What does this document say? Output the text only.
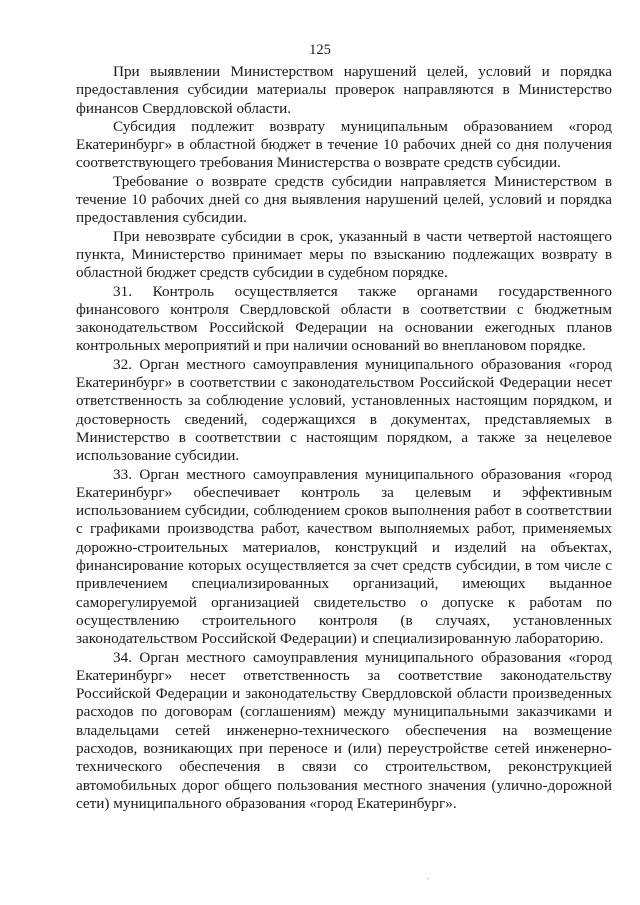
125

При выявлении Министерством нарушений целей, условий и порядка предоставления субсидии материалы проверок направляются в Министерство финансов Свердловской области.

Субсидия подлежит возврату муниципальным образованием «город Екатеринбург» в областной бюджет в течение 10 рабочих дней со дня получения соответствующего требования Министерства о возврате средств субсидии.

Требование о возврате средств субсидии направляется Министерством в течение 10 рабочих дней со дня выявления нарушений целей, условий и порядка предоставления субсидии.

При невозврате субсидии в срок, указанный в части четвертой настоящего пункта, Министерство принимает меры по взысканию подлежащих возврату в областной бюджет средств субсидии в судебном порядке.

31. Контроль осуществляется также органами государственного финансового контроля Свердловской области в соответствии с бюджетным законодательством Российской Федерации на основании ежегодных планов контрольных мероприятий и при наличии оснований во внеплановом порядке.

32. Орган местного самоуправления муниципального образования «город Екатеринбург» в соответствии с законодательством Российской Федерации несет ответственность за соблюдение условий, установленных настоящим порядком, и достоверность сведений, содержащихся в документах, представляемых в Министерство в соответствии с настоящим порядком, а также за нецелевое использование субсидии.

33. Орган местного самоуправления муниципального образования «город Екатеринбург» обеспечивает контроль за целевым и эффективным использованием субсидии, соблюдением сроков выполнения работ в соответствии с графиками производства работ, качеством выполняемых работ, применяемых дорожно-строительных материалов, конструкций и изделий на объектах, финансирование которых осуществляется за счет средств субсидии, в том числе с привлечением специализированных организаций, имеющих выданное саморегулируемой организацией свидетельство о допуске к работам по осуществлению строительного контроля (в случаях, установленных законодательством Российской Федерации) и специализированную лабораторию.

34. Орган местного самоуправления муниципального образования «город Екатеринбург» несет ответственность за соответствие законодательству Российской Федерации и законодательству Свердловской области произведенных расходов по договорам (соглашениям) между муниципальными заказчиками и владельцами сетей инженерно-технического обеспечения на возмещение расходов, возникающих при переносе и (или) переустройстве сетей инженерно-технического обеспечения в связи со строительством, реконструкцией автомобильных дорог общего пользования местного значения (улично-дорожной сети) муниципального образования «город Екатеринбург».
